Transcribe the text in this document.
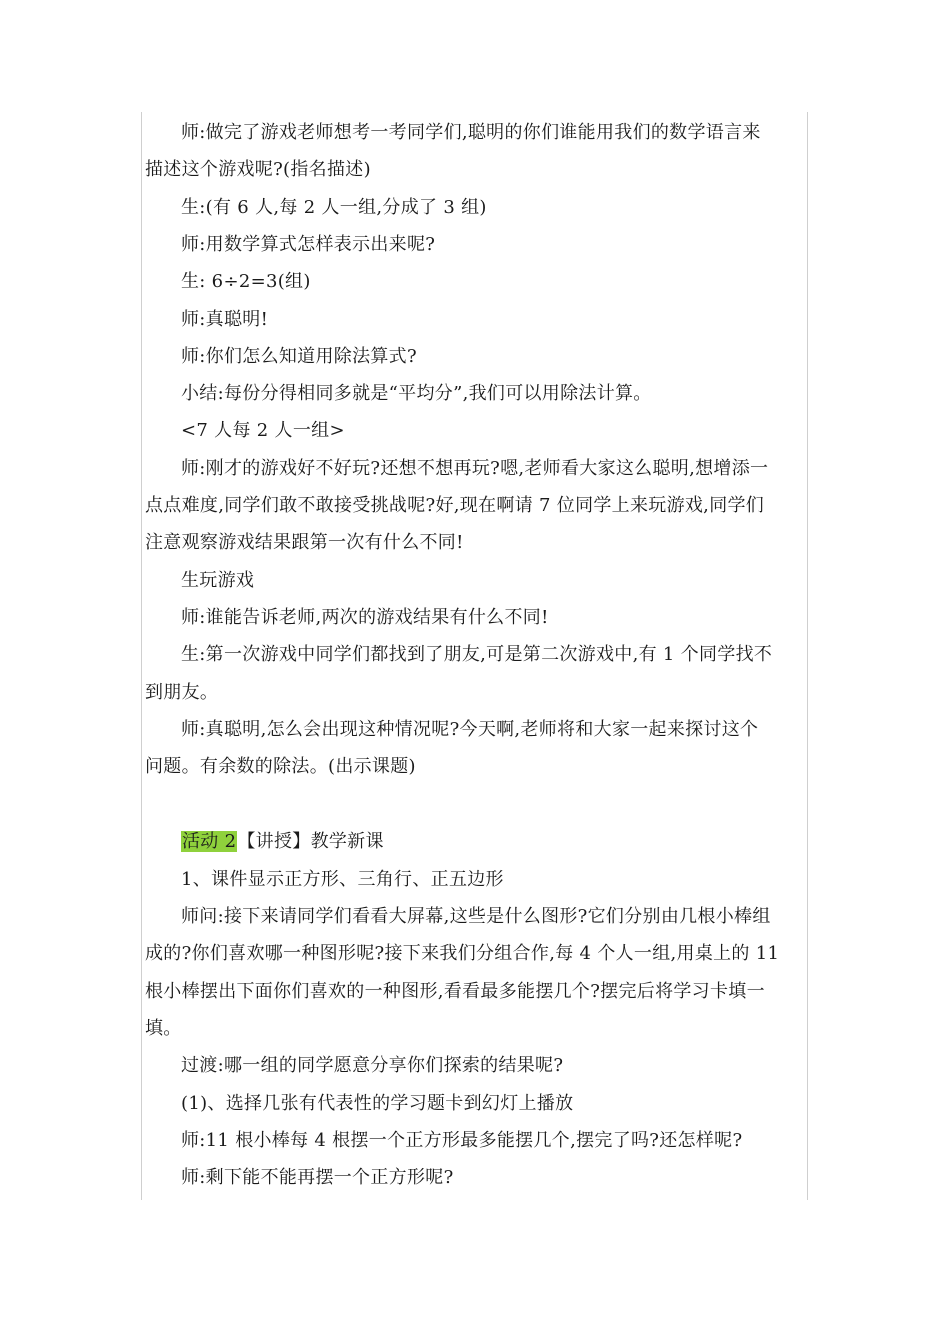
师:做完了游戏老师想考一考同学们,聪明的你们谁能用我们的数学语言来
描述这个游戏呢?(指名描述)
生:(有 6 人,每 2 人一组,分成了 3 组)
师:用数学算式怎样表示出来呢?
生: 6÷2=3(组)
师:真聪明!
师:你们怎么知道用除法算式?
小结:每份分得相同多就是“平均分”,我们可以用除法计算。
<7 人每 2 人一组>
师:刚才的游戏好不好玩?还想不想再玩?嗯,老师看大家这么聪明,想增添一
点点难度,同学们敢不敢接受挑战呢?好,现在啊请 7 位同学上来玩游戏,同学们
注意观察游戏结果跟第一次有什么不同!
生玩游戏
师:谁能告诉老师,两次的游戏结果有什么不同!
生:第一次游戏中同学们都找到了朋友,可是第二次游戏中,有 1 个同学找不
到朋友。
师:真聪明,怎么会出现这种情况呢?今天啊,老师将和大家一起来探讨这个
问题。有余数的除法。(出示课题)
活动 2【讲授】教学新课
1、课件显示正方形、三角行、正五边形
师问:接下来请同学们看看大屏幕,这些是什么图形?它们分别由几根小棒组
成的?你们喜欢哪一种图形呢?接下来我们分组合作,每 4 个人一组,用桌上的 11
根小棒摆出下面你们喜欢的一种图形,看看最多能摆几个?摆完后将学习卡填一
填。
过渡:哪一组的同学愿意分享你们探索的结果呢?
(1)、选择几张有代表性的学习题卡到幻灯上播放
师:11 根小棒每 4 根摆一个正方形最多能摆几个,摆完了吗?还怎样呢?
师:剩下能不能再摆一个正方形呢?
